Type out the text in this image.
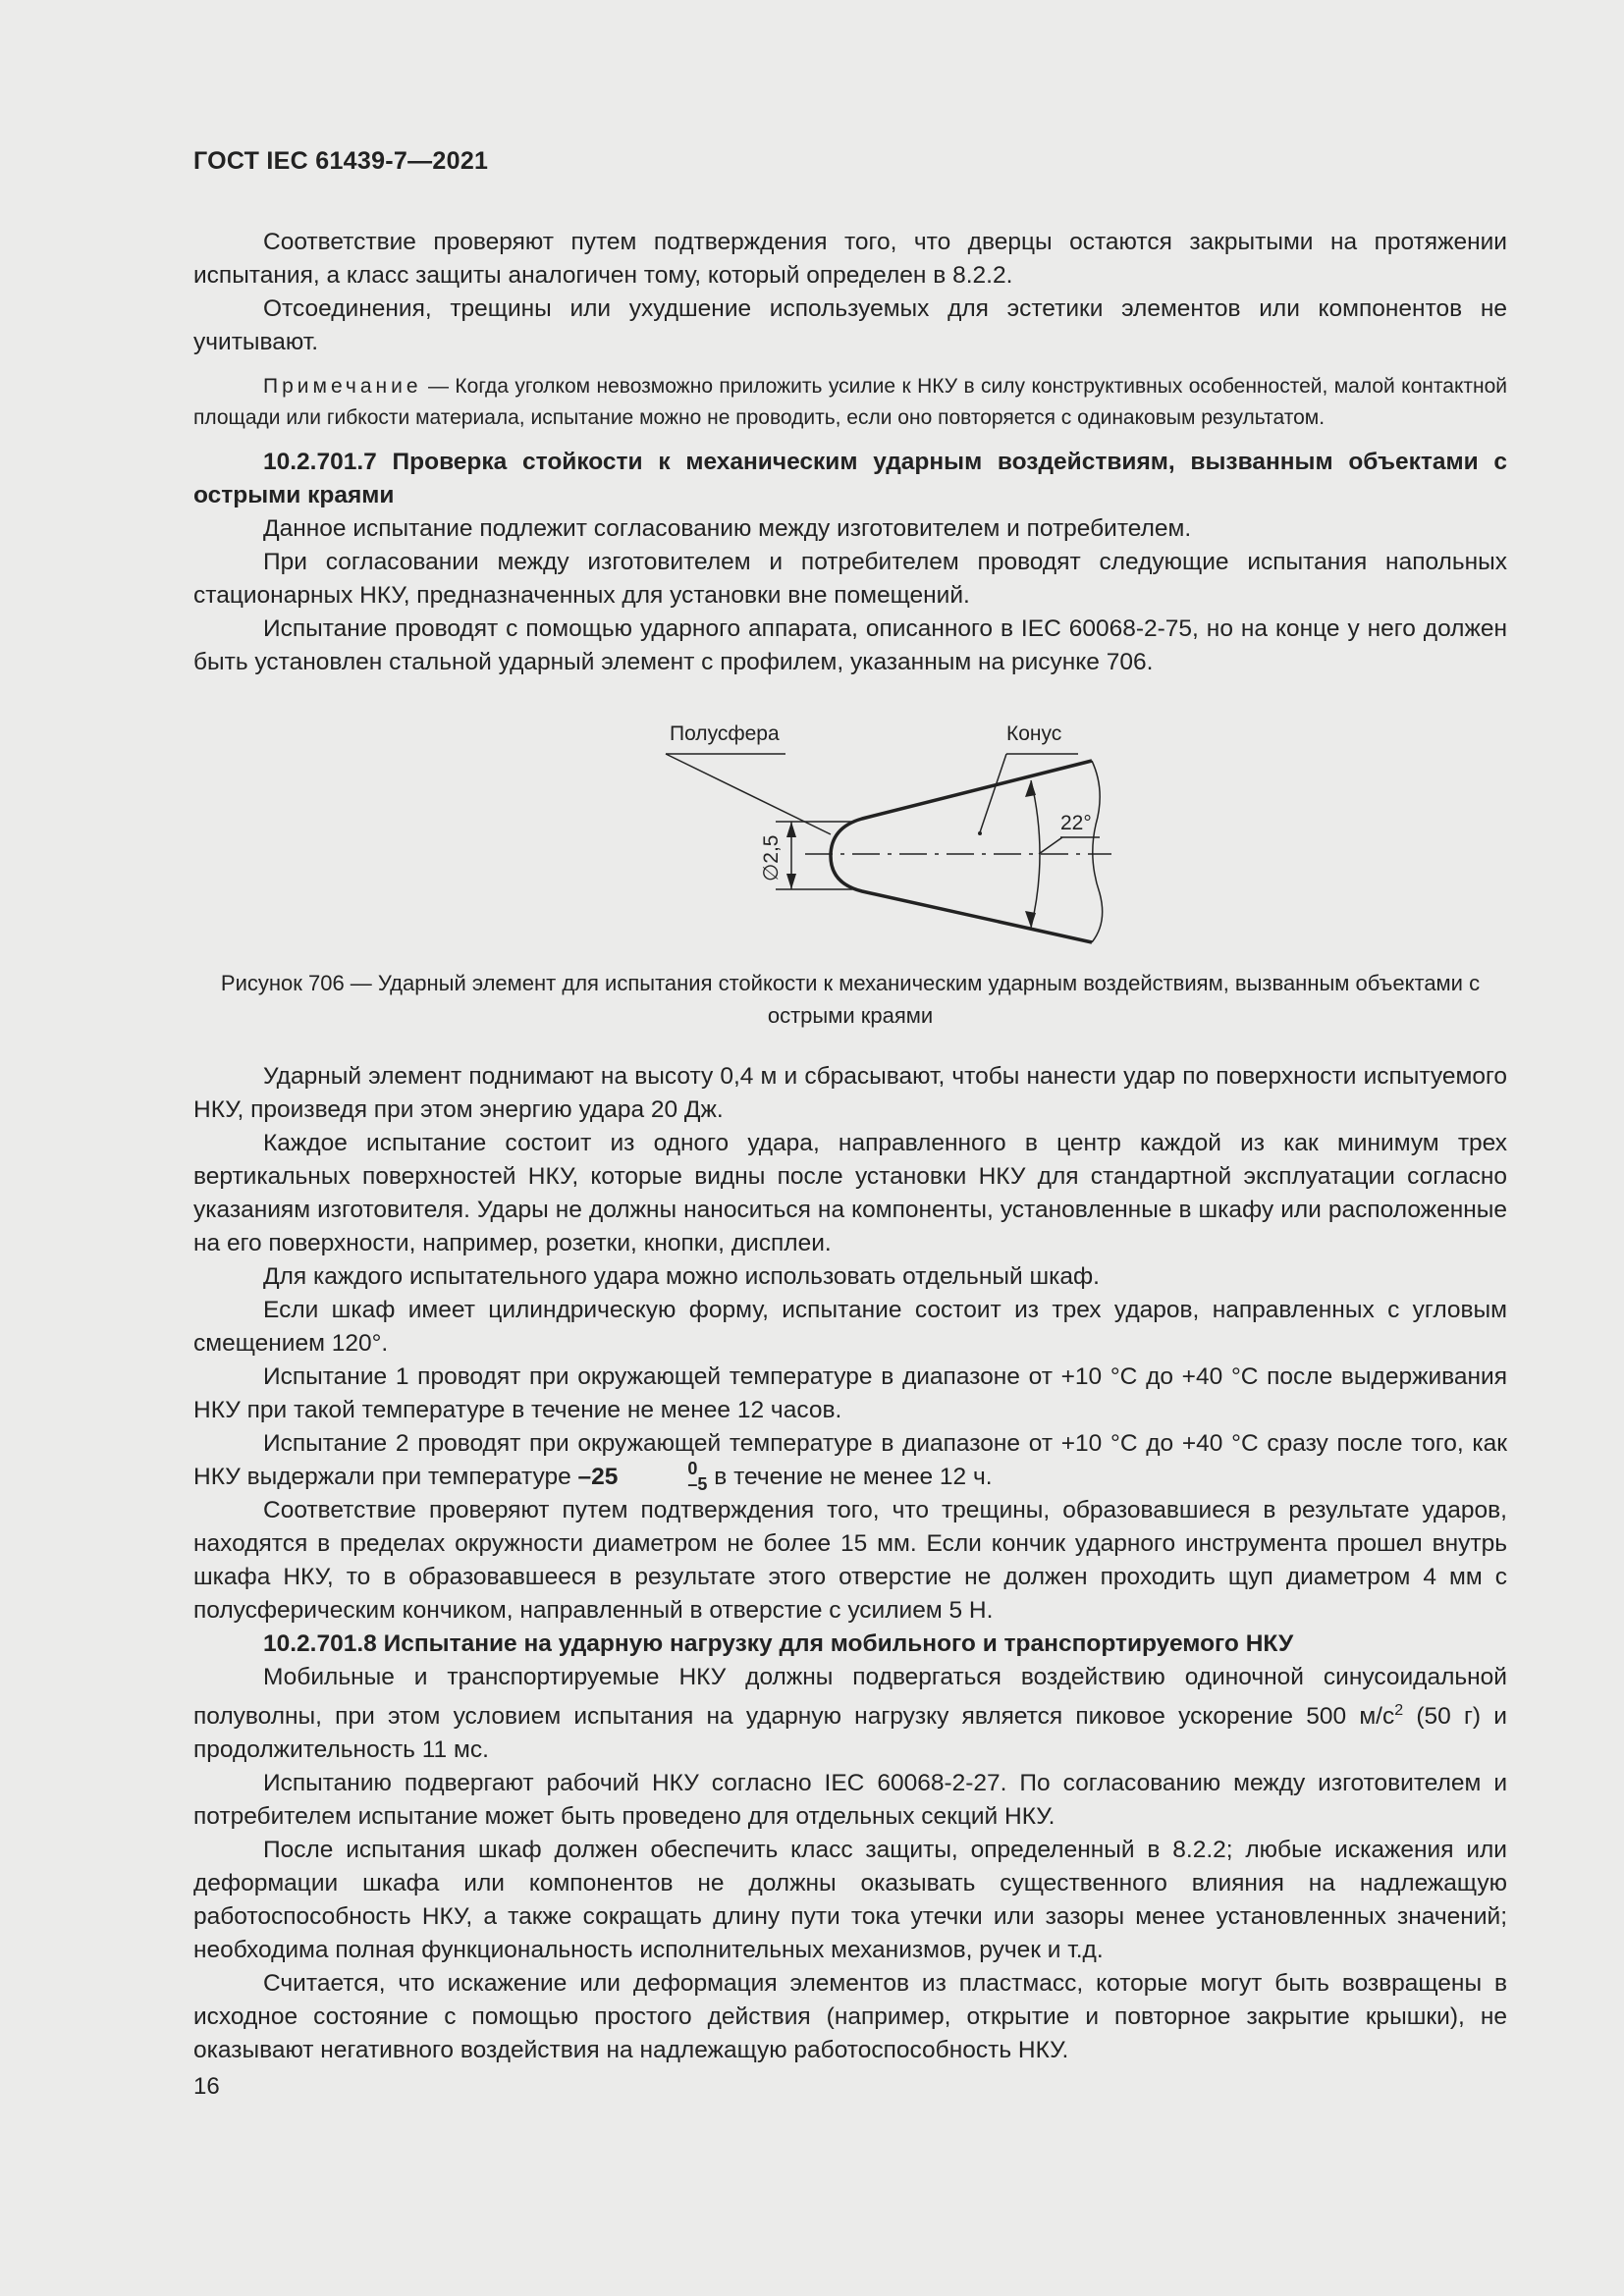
ГОСТ IEC 61439-7—2021

Соответствие проверяют путем подтверждения того, что дверцы остаются закрытыми на протяжении испытания, а класс защиты аналогичен тому, который определен в 8.2.2.

Отсоединения, трещины или ухудшение используемых для эстетики элементов или компонентов не учитывают.

Примечание — Когда уголком невозможно приложить усилие к НКУ в силу конструктивных особенностей, малой контактной площади или гибкости материала, испытание можно не проводить, если оно повторяется с одинаковым результатом.

10.2.701.7 Проверка стойкости к механическим ударным воздействиям, вызванным объектами с острыми краями

Данное испытание подлежит согласованию между изготовителем и потребителем.

При согласовании между изготовителем и потребителем проводят следующие испытания напольных стационарных НКУ, предназначенных для установки вне помещений.

Испытание проводят с помощью ударного аппарата, описанного в IEC 60068-2-75, но на конце у него должен быть установлен стальной ударный элемент с профилем, указанным на рисунке 706.

Полусфера	Конус
22°
∅2,5
Рисунок 706 — Ударный элемент для испытания стойкости к механическим ударным воздействиям, вызванным объектами с острыми краями

Ударный элемент поднимают на высоту 0,4 м и сбрасывают, чтобы нанести удар по поверхности испытуемого НКУ, произведя при этом энергию удара 20 Дж.

Каждое испытание состоит из одного удара, направленного в центр каждой из как минимум трех вертикальных поверхностей НКУ, которые видны после установки НКУ для стандартной эксплуатации согласно указаниям изготовителя. Удары не должны наноситься на компоненты, установленные в шкафу или расположенные на его поверхности, например, розетки, кнопки, дисплеи.

Для каждого испытательного удара можно использовать отдельный шкаф.

Если шкаф имеет цилиндрическую форму, испытание состоит из трех ударов, направленных с угловым смещением 120°.

Испытание 1 проводят при окружающей температуре в диапазоне от +10 °С до +40 °С после выдерживания НКУ при такой температуре в течение не менее 12 часов.

Испытание 2 проводят при окружающей температуре в диапазоне от +10 °С до +40 °С сразу после того, как НКУ выдержали при температуре –25	0
–5 в течение не менее 12 ч.

Соответствие проверяют путем подтверждения того, что трещины, образовавшиеся в результате ударов, находятся в пределах окружности диаметром не более 15 мм. Если кончик ударного инструмента прошел внутрь шкафа НКУ, то в образовавшееся в результате этого отверстие не должен проходить щуп диаметром 4 мм с полусферическим кончиком, направленный в отверстие с усилием 5 Н.

10.2.701.8 Испытание на ударную нагрузку для мобильного и транспортируемого НКУ

Мобильные и транспортируемые НКУ должны подвергаться воздействию одиночной синусоидальной полуволны, при этом условием испытания на ударную нагрузку является пиковое ускорение 500 $м/с^2$ (50 г) и продолжительность 11 мс.

Испытанию подвергают рабочий НКУ согласно IEC 60068-2-27. По согласованию между изготовителем и потребителем испытание может быть проведено для отдельных секций НКУ.

После испытания шкаф должен обеспечить класс защиты, определенный в 8.2.2; любые искажения или деформации шкафа или компонентов не должны оказывать существенного влияния на надлежащую работоспособность НКУ, а также сокращать длину пути тока утечки или зазоры менее установленных значений; необходима полная функциональность исполнительных механизмов, ручек и т.д.

Считается, что искажение или деформация элементов из пластмасс, которые могут быть возвращены в исходное состояние с помощью простого действия (например, открытие и повторное закрытие крышки), не оказывают негативного воздействия на надлежащую работоспособность НКУ.

16
